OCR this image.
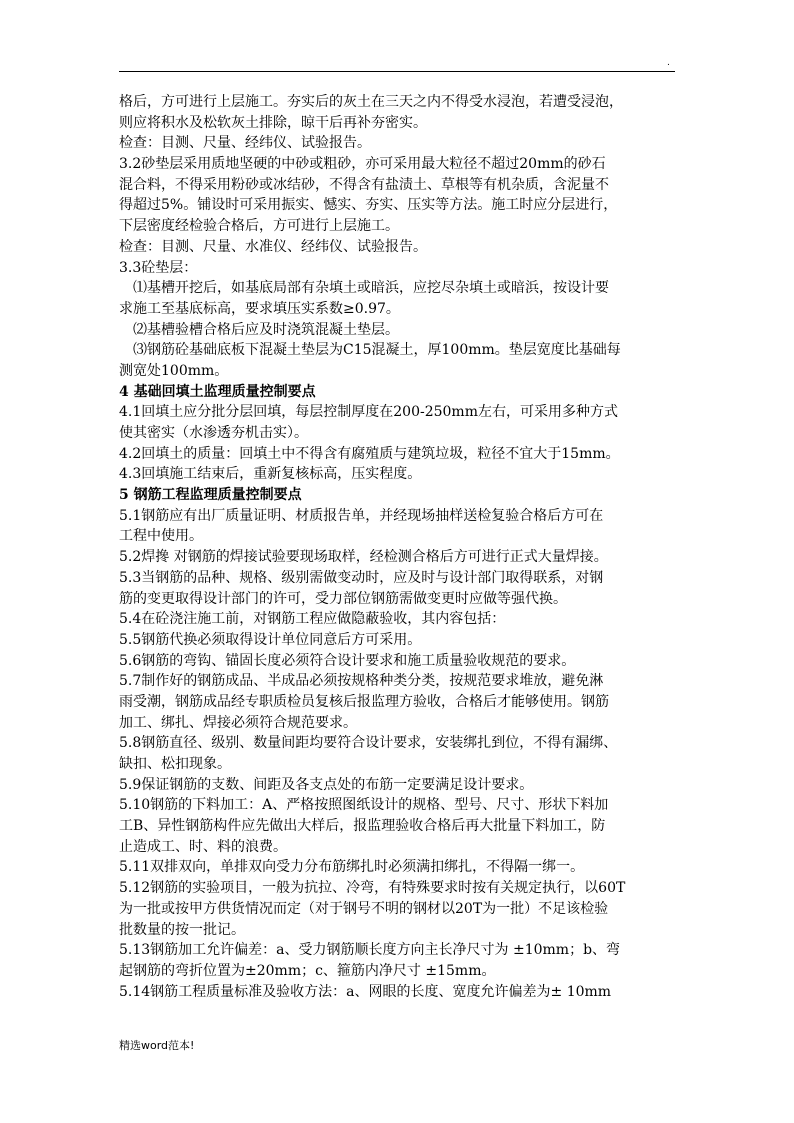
.
格后，方可进行上层施工。夯实后的灰土在三天之内不得受水浸泡，若遭受浸泡，
则应将积水及松软灰土排除，晾干后再补夯密实。
检查：目测、尺量、经纬仪、试验报告。
3.2砂垫层采用质地坚硬的中砂或粗砂，亦可采用最大粒径不超过20mm的砂石
混合料，不得采用粉砂或冰结砂，不得含有盐渍土、草根等有机杂质，含泥量不
得超过5%。铺设时可采用振实、憾实、夯实、压实等方法。施工时应分层进行，
下层密度经检验合格后，方可进行上层施工。
检查：目测、尺量、水准仪、经纬仪、试验报告。
3.3砼垫层：
⑴基槽开挖后，如基底局部有杂填土或暗浜，应挖尽杂填土或暗浜，按设计要
求施工至基底标高，要求填压实系数≥0.97。
⑵基槽验槽合格后应及时浇筑混凝土垫层。
⑶钢筋砼基础底板下混凝土垫层为C15混凝土，厚100mm。垫层宽度比基础每
测宽处100mm。
4 基础回填土监理质量控制要点
4.1回填土应分批分层回填，每层控制厚度在200-250mm左右，可采用多种方式
使其密实（水渗透夯机击实）。
4.2回填土的质量：回填土中不得含有腐殖质与建筑垃圾，粒径不宜大于15mm。
4.3回填施工结束后，重新复核标高，压实程度。
5 钢筋工程监理质量控制要点
5.1钢筋应有出厂质量证明、材质报告单，并经现场抽样送检复验合格后方可在
工程中使用。
5.2焊搀 对钢筋的焊接试验要现场取样，经检测合格后方可进行正式大量焊接。
5.3当钢筋的品种、规格、级别需做变动时，应及时与设计部门取得联系，对钢
筋的变更取得设计部门的许可，受力部位钢筋需做变更时应做等强代换。
5.4在砼浇注施工前，对钢筋工程应做隐蔽验收，其内容包括：
5.5钢筋代换必须取得设计单位同意后方可采用。
5.6钢筋的弯钩、锚固长度必须符合设计要求和施工质量验收规范的要求。
5.7制作好的钢筋成品、半成品必须按规格种类分类，按规范要求堆放，避免淋
雨受潮，钢筋成品经专职质检员复核后报监理方验收，合格后才能够使用。钢筋
加工、绑扎、焊接必须符合规范要求。
5.8钢筋直径、级别、数量间距均要符合设计要求，安装绑扎到位，不得有漏绑、
缺扣、松扣现象。
5.9保证钢筋的支数、间距及各支点处的布筋一定要满足设计要求。
5.10钢筋的下料加工：A、严格按照图纸设计的规格、型号、尺寸、形状下料加
工B、异性钢筋构件应先做出大样后，报监理验收合格后再大批量下料加工，防
止造成工、时、料的浪费。
5.11双排双向，单排双向受力分布筋绑扎时必须满扣绑扎，不得隔一绑一。
5.12钢筋的实验项目，一般为抗拉、冷弯，有特殊要求时按有关规定执行，以60T
为一批或按甲方供货情况而定（对于钢号不明的钢材以20T为一批）不足该检验
批数量的按一批记。
5.13钢筋加工允许偏差：a、受力钢筋顺长度方向主长净尺寸为 ±10mm；b、弯
起钢筋的弯折位置为±20mm；c、箍筋内净尺寸 ±15mm。
5.14钢筋工程质量标准及验收方法：a、网眼的长度、宽度允许偏差为± 10mm
精选word范本!
